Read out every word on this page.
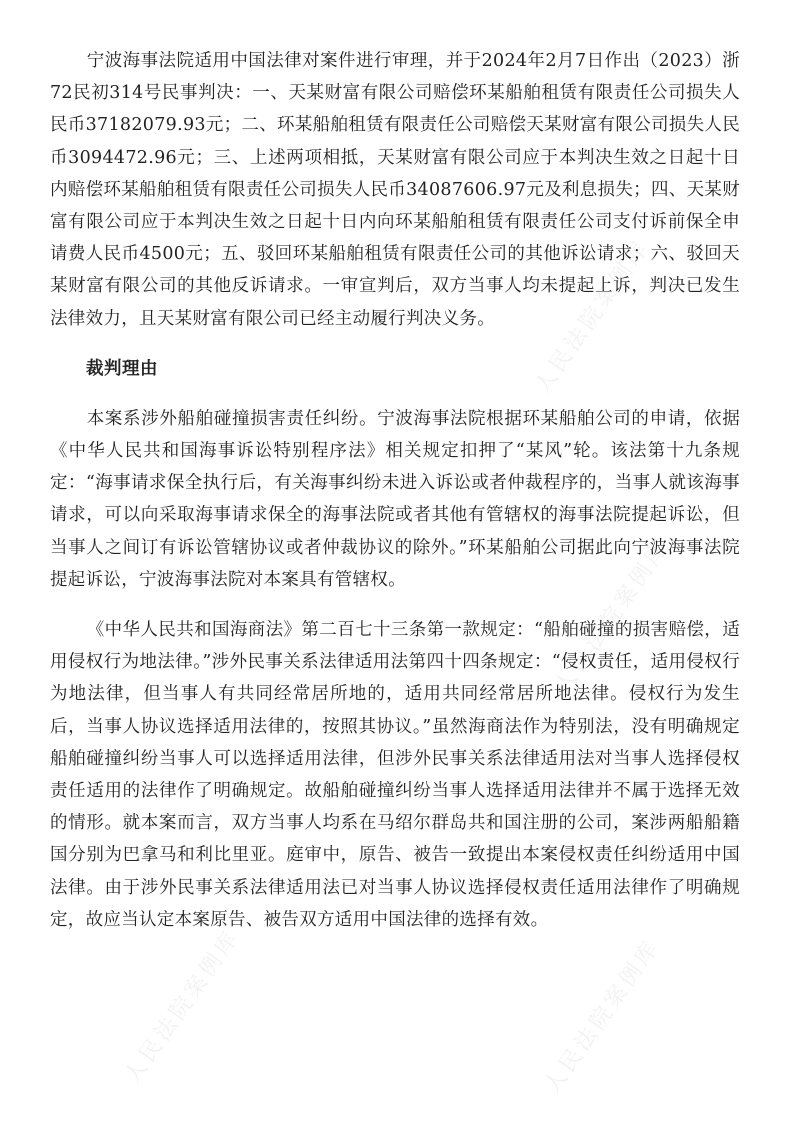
人民法院案例库
人民法院案例库
人民法院案例库	人民法院案例库

宁波海事法院适用中国法律对案件进行审理，并于2024年2月7日作出（2023）浙72民初314号民事判决：一、天某财富有限公司赔偿环某船舶租赁有限责任公司损失人民币37182079.93元；二、环某船舶租赁有限责任公司赔偿天某财富有限公司损失人民币3094472.96元；三、上述两项相抵，天某财富有限公司应于本判决生效之日起十日内赔偿环某船舶租赁有限责任公司损失人民币34087606.97元及利息损失；四、天某财富有限公司应于本判决生效之日起十日内向环某船舶租赁有限责任公司支付诉前保全申请费人民币4500元；五、驳回环某船舶租赁有限责任公司的其他诉讼请求；六、驳回天某财富有限公司的其他反诉请求。一审宣判后，双方当事人均未提起上诉，判决已发生法律效力，且天某财富有限公司已经主动履行判决义务。

裁判理由

本案系涉外船舶碰撞损害责任纠纷。宁波海事法院根据环某船舶公司的申请，依据《中华人民共和国海事诉讼特别程序法》相关规定扣押了“某风”轮。该法第十九条规定：“海事请求保全执行后，有关海事纠纷未进入诉讼或者仲裁程序的，当事人就该海事请求，可以向采取海事请求保全的海事法院或者其他有管辖权的海事法院提起诉讼，但当事人之间订有诉讼管辖协议或者仲裁协议的除外。”环某船舶公司据此向宁波海事法院提起诉讼，宁波海事法院对本案具有管辖权。

《中华人民共和国海商法》第二百七十三条第一款规定：“船舶碰撞的损害赔偿，适用侵权行为地法律。”涉外民事关系法律适用法第四十四条规定：“侵权责任，适用侵权行为地法律，但当事人有共同经常居所地的，适用共同经常居所地法律。侵权行为发生后，当事人协议选择适用法律的，按照其协议。”虽然海商法作为特别法，没有明确规定船舶碰撞纠纷当事人可以选择适用法律，但涉外民事关系法律适用法对当事人选择侵权责任适用的法律作了明确规定。故船舶碰撞纠纷当事人选择适用法律并不属于选择无效的情形。就本案而言，双方当事人均系在马绍尔群岛共和国注册的公司，案涉两船船籍国分别为巴拿马和利比里亚。庭审中，原告、被告一致提出本案侵权责任纠纷适用中国法律。由于涉外民事关系法律适用法已对当事人协议选择侵权责任适用法律作了明确规定，故应当认定本案原告、被告双方适用中国法律的选择有效。
